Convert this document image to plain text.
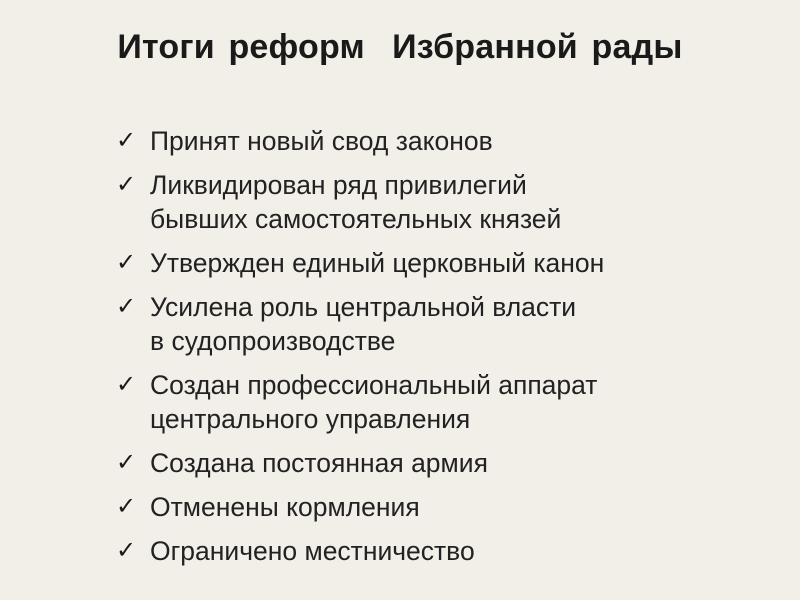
Итоги реформ  Избранной рады
✓ Принят новый свод законов
✓ Ликвидирован ряд привилегий
бывших самостоятельных князей
✓ Утвержден единый церковный канон
✓ Усилена роль центральной власти
в судопроизводстве
✓ Создан профессиональный аппарат
центрального управления
✓ Создана постоянная армия
✓ Отменены кормления
✓ Ограничено местничество
